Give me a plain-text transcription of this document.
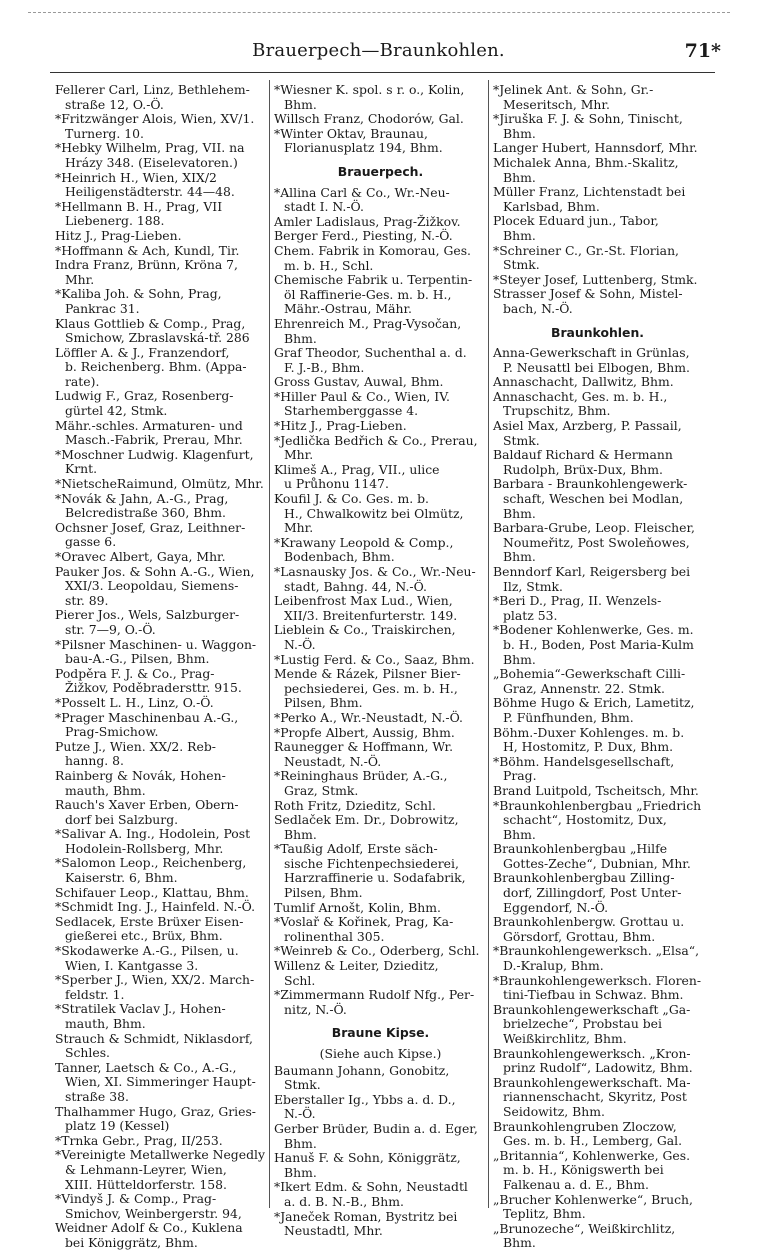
Brauerpech—Braunkohlen.	71*
Fellerer Carl, Linz, Bethlehem-
straße 12, O.-Ö.
*Fritzwänger Alois, Wien, XV/1.
Turnerg. 10.
*Hebky Wilhelm, Prag, VII. na
Hrázy 348. (Eiselevatoren.)
*Heinrich H., Wien, XIX/2
Heiligenstädterstr. 44—48.
*Hellmann B. H., Prag, VII
Liebenerg. 188.
Hitz J., Prag-Lieben.
*Hoffmann & Ach, Kundl, Tir.
Indra Franz, Brünn, Kröna 7,
Mhr.
*Kaliba Joh. & Sohn, Prag,
Pankrac 31.
Klaus Gottlieb & Comp., Prag,
Smichow, Zbraslavská-tř. 286
Löffler A. & J., Franzendorf,
b. Reichenberg. Bhm. (Appa-
rate).
Ludwig F., Graz, Rosenberg-
gürtel 42, Stmk.
Mähr.-schles. Armaturen- und
Masch.-Fabrik, Prerau, Mhr.
*Moschner Ludwig. Klagenfurt,
Krnt.
*NietscheRaimund, Olmütz, Mhr.
*Novák & Jahn, A.-G., Prag,
Belcredistraße 360, Bhm.
Ochsner Josef, Graz, Leithner-
gasse 6.
*Oravec Albert, Gaya, Mhr.
Pauker Jos. & Sohn A.-G., Wien,
XXI/3. Leopoldau, Siemens-
str. 89.
Pierer Jos., Wels, Salzburger-
str. 7—9, O.-Ö.
*Pilsner Maschinen- u. Waggon-
bau-A.-G., Pilsen, Bhm.
Podpěra F. J. & Co., Prag-
Žižkov, Poděbradersttr. 915.
*Posselt L. H., Linz, O.-Ö.
*Prager Maschinenbau A.-G.,
Prag-Smichow.
Putze J., Wien. XX/2. Reb-
hanng. 8.
Rainberg & Novák, Hohen-
mauth, Bhm.
Rauch's Xaver Erben, Obern-
dorf bei Salzburg.
*Salivar A. Ing., Hodolein, Post
Hodolein-Rollsberg, Mhr.
*Salomon Leop., Reichenberg,
Kaiserstr. 6, Bhm.
Schifauer Leop., Klattau, Bhm.
*Schmidt Ing. J., Hainfeld. N.-Ö.
Sedlacek, Erste Brüxer Eisen-
gießerei etc., Brüx, Bhm.
*Skodawerke A.-G., Pilsen, u.
Wien, I. Kantgasse 3.
*Sperber J., Wien, XX/2. March-
feldstr. 1.
*Stratilek Vaclav J., Hohen-
mauth, Bhm.
Strauch & Schmidt, Niklasdorf,
Schles.
Tanner, Laetsch & Co., A.-G.,
Wien, XI. Simmeringer Haupt-
straße 38.
Thalhammer Hugo, Graz, Gries-
platz 19 (Kessel)
*Trnka Gebr., Prag, II/253.
*Vereinigte Metallwerke Negedly
& Lehmann-Leyrer, Wien,
XIII. Hütteldorferstr. 158.
*Vindyš J. & Comp., Prag-
Smichov, Weinbergerstr. 94,
Weidner Adolf & Co., Kuklena
bei Königgrätz, Bhm.
*Wiesner K. spol. s r. o., Kolin,
Bhm.
Willsch Franz, Chodorów, Gal.
*Winter Oktav, Braunau,
Florianusplatz 194, Bhm.
Brauerpech.
*Allina Carl & Co., Wr.-Neu-
stadt I. N.-Ö.
Amler Ladislaus, Prag-Žižkov.
Berger Ferd., Piesting, N.-Ö.
Chem. Fabrik in Komorau, Ges.
m. b. H., Schl.
Chemische Fabrik u. Terpentin-
öl Raffinerie-Ges. m. b. H.,
Mähr.-Ostrau, Mähr.
Ehrenreich M., Prag-Vysočan,
Bhm.
Graf Theodor, Suchenthal a. d.
F. J.-B., Bhm.
Gross Gustav, Auwal, Bhm.
*Hiller Paul & Co., Wien, IV.
Starhemberggasse 4.
*Hitz J., Prag-Lieben.
*Jedlička Bedřich & Co., Prerau,
Mhr.
Klimeš A., Prag, VII., ulice
u Průhonu 1147.
Koufil J. & Co. Ges. m. b.
H., Chwalkowitz bei Olmütz,
Mhr.
*Krawany Leopold & Comp.,
Bodenbach, Bhm.
*Lasnausky Jos. & Co., Wr.-Neu-
stadt, Bahng. 44, N.-Ö.
Leibenfrost Max Lud., Wien,
XII/3. Breitenfurterstr. 149.
Lieblein & Co., Traiskirchen,
N.-Ö.
*Lustig Ferd. & Co., Saaz, Bhm.
Mende & Rázek, Pilsner Bier-
pechsiederei, Ges. m. b. H.,
Pilsen, Bhm.
*Perko A., Wr.-Neustadt, N.-Ö.
*Propfe Albert, Aussig, Bhm.
Raunegger & Hoffmann, Wr.
Neustadt, N.-Ö.
*Reininghaus Brüder, A.-G.,
Graz, Stmk.
Roth Fritz, Dzieditz, Schl.
Sedlaček Em. Dr., Dobrowitz,
Bhm.
*Taußig Adolf, Erste säch-
sische Fichtenpechsiederei,
Harzraffinerie u. Sodafabrik,
Pilsen, Bhm.
Tumlif Arnošt, Kolin, Bhm.
*Voslař & Kořinek, Prag, Ka-
rolinenthal 305.
*Weinreb & Co., Oderberg, Schl.
Willenz & Leiter, Dzieditz,
Schl.
*Zimmermann Rudolf Nfg., Per-
nitz, N.-Ö.
Braune Kipse.
(Siehe auch Kipse.)
Baumann Johann, Gonobitz,
Stmk.
Eberstaller Ig., Ybbs a. d. D.,
N.-Ö.
Gerber Brüder, Budin a. d. Eger,
Bhm.
Hanuš F. & Sohn, Königgrätz,
Bhm.
*Ikert Edm. & Sohn, Neustadtl
a. d. B. N.-B., Bhm.
*Janeček Roman, Bystritz bei
Neustadtl, Mhr.
*Jelinek Ant. & Sohn, Gr.-
Meseritsch, Mhr.
*Jiruška F. J. & Sohn, Tinischt,
Bhm.
Langer Hubert, Hannsdorf, Mhr.
Michalek Anna, Bhm.-Skalitz,
Bhm.
Müller Franz, Lichtenstadt bei
Karlsbad, Bhm.
Plocek Eduard jun., Tabor,
Bhm.
*Schreiner C., Gr.-St. Florian,
Stmk.
*Steyer Josef, Luttenberg, Stmk.
Strasser Josef & Sohn, Mistel-
bach, N.-Ö.
Braunkohlen.
Anna-Gewerkschaft in Grünlas,
P. Neusattl bei Elbogen, Bhm.
Annaschacht, Dallwitz, Bhm.
Annaschacht, Ges. m. b. H.,
Trupschitz, Bhm.
Asiel Max, Arzberg, P. Passail,
Stmk.
Baldauf Richard & Hermann
Rudolph, Brüx-Dux, Bhm.
Barbara - Braunkohlengewerk-
schaft, Weschen bei Modlan,
Bhm.
Barbara-Grube, Leop. Fleischer,
Noumeřitz, Post Swoleňowes,
Bhm.
Benndorf Karl, Reigersberg bei
Ilz, Stmk.
*Beri D., Prag, II. Wenzels-
platz 53.
*Bodener Kohlenwerke, Ges. m.
b. H., Boden, Post Maria-Kulm
Bhm.
„Bohemia“-Gewerkschaft Cilli-
Graz, Annenstr. 22. Stmk.
Böhme Hugo & Erich, Lametitz,
P. Fünfhunden, Bhm.
Böhm.-Duxer Kohlenges. m. b.
H, Hostomitz, P. Dux, Bhm.
*Böhm. Handelsgesellschaft,
Prag.
Brand Luitpold, Tscheitsch, Mhr.
*Braunkohlenbergbau „Friedrich
schacht“, Hostomitz, Dux, Bhm.
Braunkohlenbergbau „Hilfe
Gottes-Zeche“, Dubnian, Mhr.
Braunkohlenbergbau Zilling-
dorf, Zillingdorf, Post Unter-
Eggendorf, N.-Ö.
Braunkohlenbergw. Grottau u.
Görsdorf, Grottau, Bhm.
*Braunkohlengewerksch. „Elsa“,
D.-Kralup, Bhm.
*Braunkohlengewerksch. Floren-
tini-Tiefbau in Schwaz. Bhm.
Braunkohlengewerkschaft „Ga-
brielzeche“, Probstau bei
Weißkirchlitz, Bhm.
Braunkohlengewerksch. „Kron-
prinz Rudolf“, Ladowitz, Bhm.
Braunkohlengewerkschaft. Ma-
riannenschacht, Skyritz, Post
Seidowitz, Bhm.
Braunkohlengruben Zloczow,
Ges. m. b. H., Lemberg, Gal.
„Britannia“, Kohlenwerke, Ges.
m. b. H., Königswerth bei
Falkenau a. d. E., Bhm.
„Brucher Kohlenwerke“, Bruch,
Teplitz, Bhm.
„Brunozeche“, Weißkirchlitz,
Bhm.
